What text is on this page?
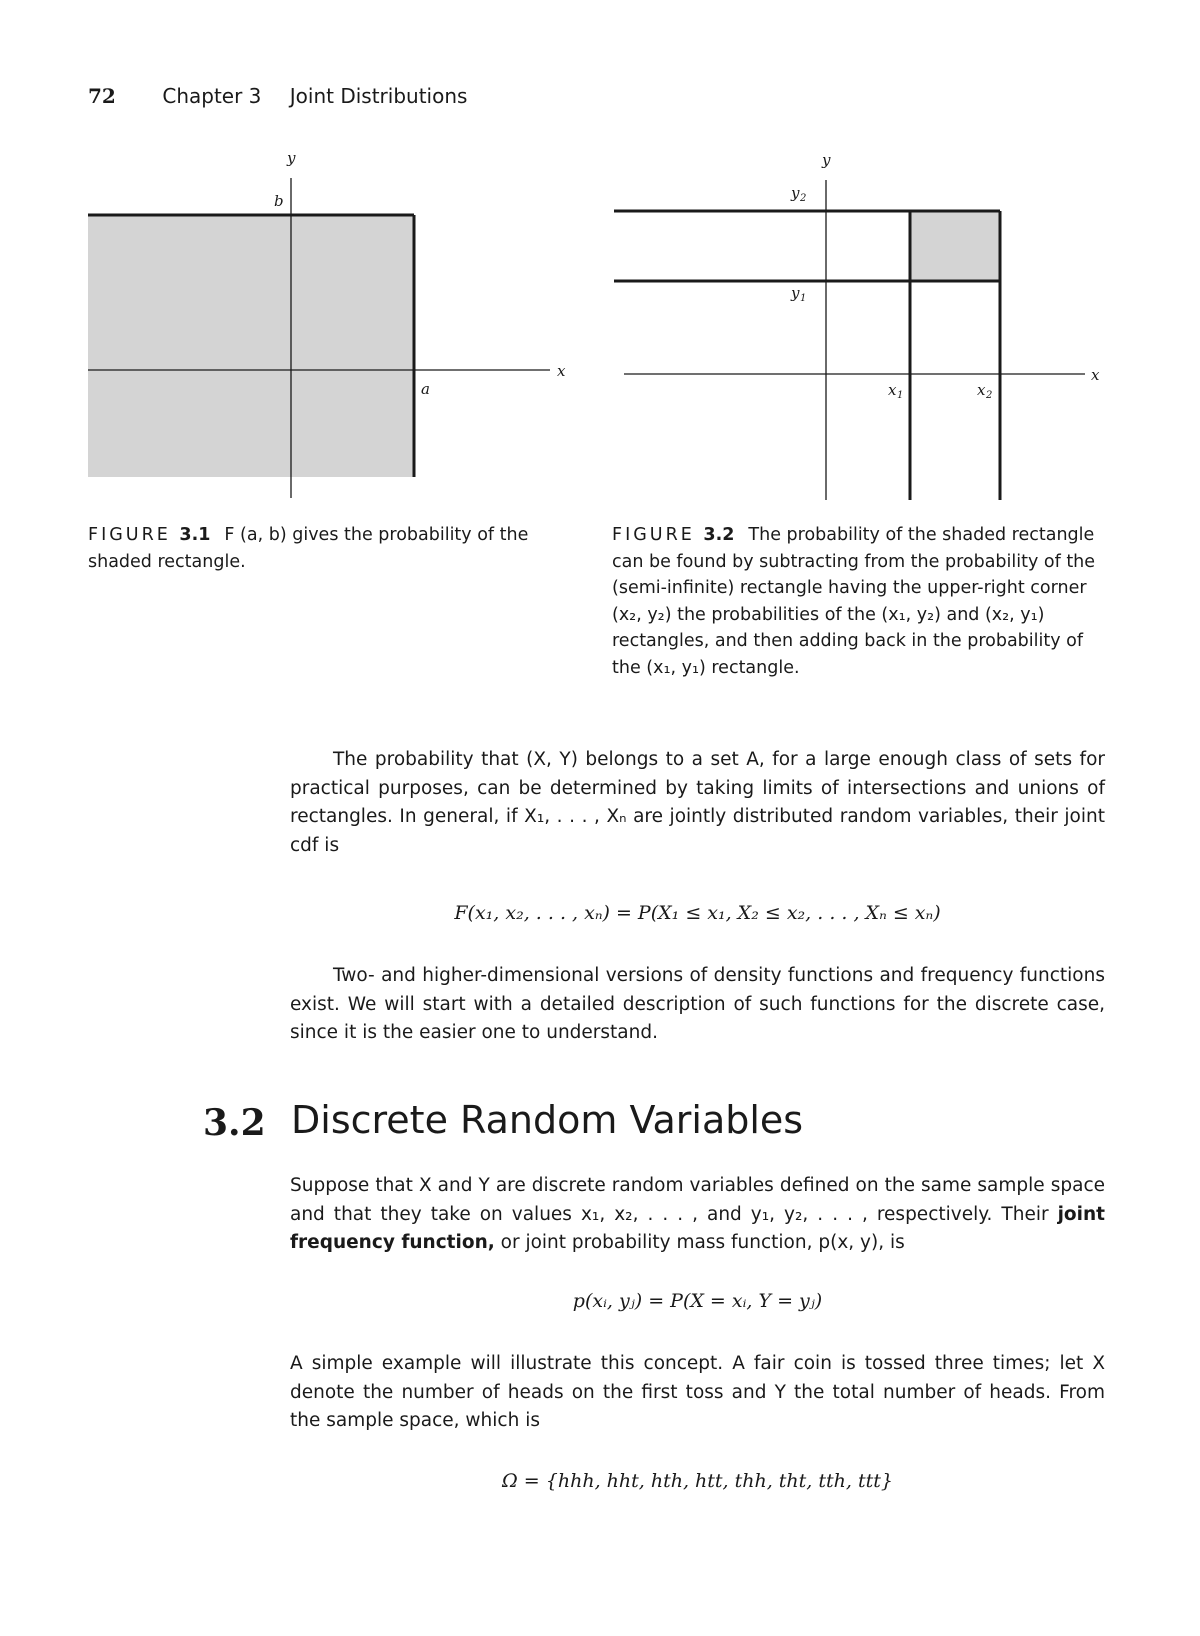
72 Chapter 3 Joint Distributions
y
x
b
a
y
x
y 2
y 1
x 1	x 2
FIGURE 3.1 F (a, b) gives the probability of the shaded rectangle.
FIGURE 3.2 The probability of the shaded rectangle can be found by subtracting from the probability of the (semi-infinite) rectangle having the upper-right corner (x₂, y₂) the probabilities of the (x₁, y₂) and (x₂, y₁) rectangles, and then adding back in the probability of the (x₁, y₁) rectangle.

The probability that (X, Y) belongs to a set A, for a large enough class of sets for practical purposes, can be determined by taking limits of intersections and unions of rectangles. In general, if X₁, . . . , Xₙ are jointly distributed random variables, their joint cdf is

F(x₁, x₂, . . . , xₙ) = P(X₁ ≤ x₁, X₂ ≤ x₂, . . . , Xₙ ≤ xₙ)

Two- and higher-dimensional versions of density functions and frequency functions exist. We will start with a detailed description of such functions for the discrete case, since it is the easier one to understand.

3.2 Discrete Random Variables

Suppose that X and Y are discrete random variables defined on the same sample space and that they take on values x₁, x₂, . . . , and y₁, y₂, . . . , respectively. Their joint frequency function, or joint probability mass function, p(x, y), is

p(xᵢ, yⱼ) = P(X = xᵢ, Y = yⱼ)

A simple example will illustrate this concept. A fair coin is tossed three times; let X denote the number of heads on the first toss and Y the total number of heads. From the sample space, which is

Ω = {hhh, hht, hth, htt, thh, tht, tth, ttt}
